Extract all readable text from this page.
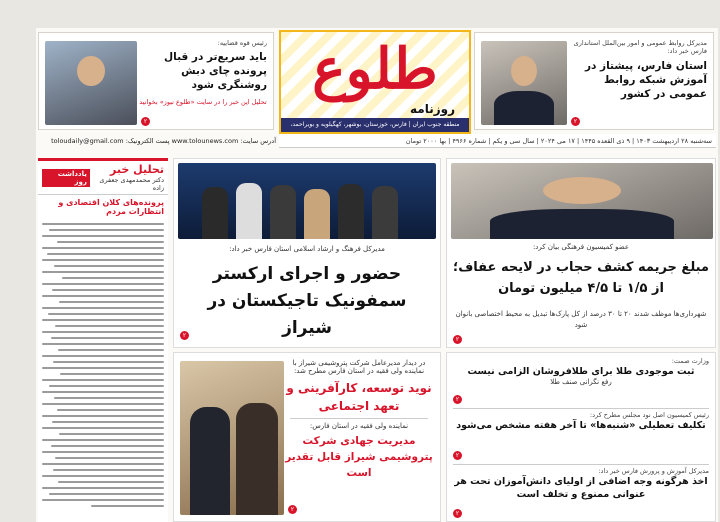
مدیرکل روابط عمومی و امور بین‌الملل استانداری فارس خبر داد:
استان فارس، پیشتاز در آموزش شبکه روابط عمومی در کشور
۲
طلوع
روزنامه
منطقه جنوب ایران | فارس، خوزستان، بوشهر، کهگیلویه و بویراحمد،
رئیس قوه قضاییه:
باید سریع‌تر در قبال پرونده چای دبش روشنگری شود
تحلیل این خبر را در سایت «طلوع نیوز» بخوانید
۲
سه‌شنبه ۲۸ اردیبهشت ۱۴۰۳ | ۹ ذی القعده ۱۴۴۵ | ۱۷ می ۲۰۲۴ | سال سی و یکم | شماره ۴۹۶۶ | بها ۲۰۰۰ تومان
آدرس سایت: www.tolounews.com پست الکترونیک: toloudaily@gmail.com
تحلیل خبر
دکتر محمدمهدی جعفری زاده
یادداشت روز
پرونده‌های کلان اقتصادی و انتظارات مردم
مدیرکل فرهنگ و ارشاد اسلامی استان فارس خبر داد:
حضور و اجرای ارکستر سمفونیک تاجیکستان در شیراز
۲
در دیدار مدیرعامل شرکت پتروشیمی شیراز با نماینده ولی فقیه در استان فارس مطرح شد:
نوید توسعه، کارآفرینی و تعهد اجتماعی
نماینده ولی فقیه در استان فارس:
مدیریت جهادی شرکت پتروشیمی شیراز قابل تقدیر است
۲
عضو کمیسیون فرهنگی بیان کرد:
مبلغ جریمه کشف حجاب در لایحه عفاف؛ از ۱/۵ تا ۴/۵ میلیون تومان
شهرداری‌ها موظف شدند ۲۰ تا ۳۰ درصد از کل پارک‌ها تبدیل به محیط اختصاصی بانوان شود
۲
وزارت صمت:
ثبت موجودی طلا برای طلافروشان الزامی نیست
رفع نگرانی صنف طلا
۲
رئیس کمیسیون اصل نود مجلس مطرح کرد:
تکلیف تعطیلی «شنبه‌ها» تا آخر هفته مشخص می‌شود
۲
مدیرکل آموزش و پرورش فارس خبر داد:
اخذ هرگونه وجه اضافی از اولیای دانش‌آموزان تحت هر عنوانی ممنوع و تخلف است
۲
